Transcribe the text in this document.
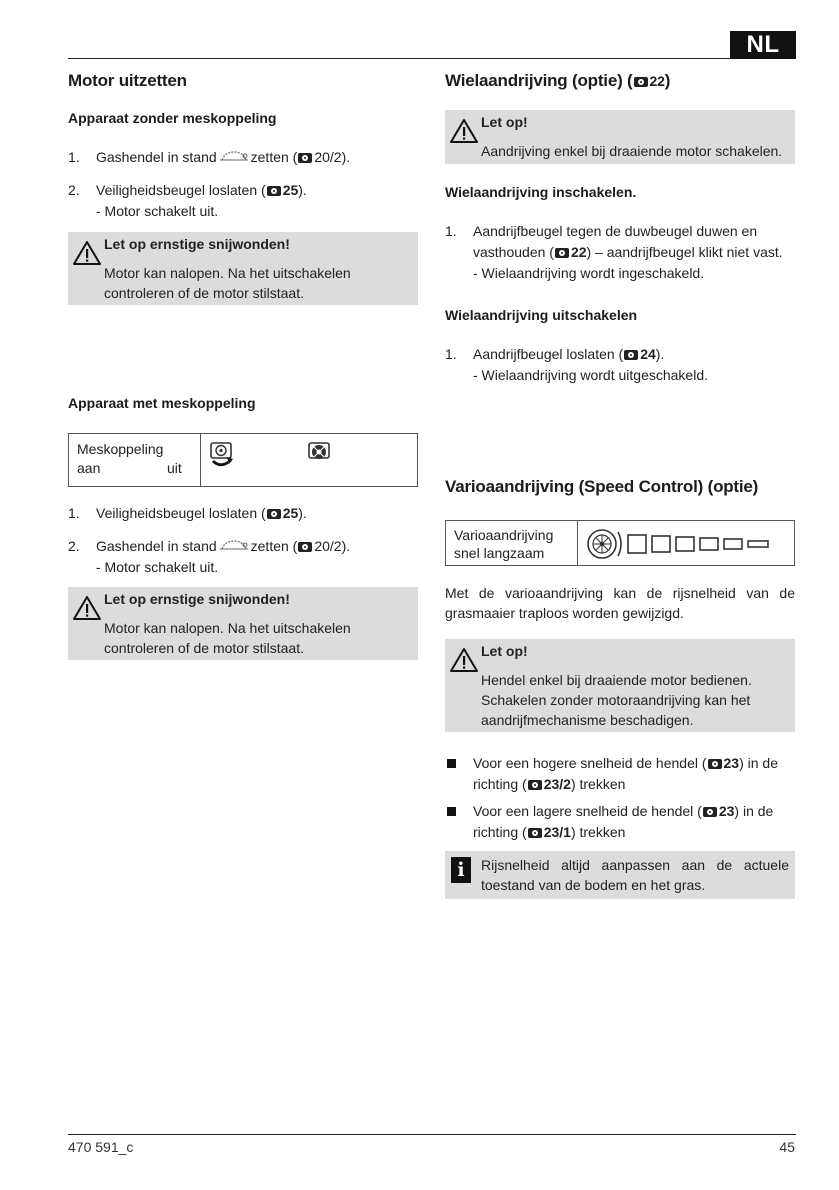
NL
Motor uitzetten
Apparaat zonder meskoppeling
1. Gashendel in stand zetten ( 20/2).
2. Veiligheidsbeugel loslaten ( 25).
- Motor schakelt uit.
Let op ernstige snijwonden!
Motor kan nalopen. Na het uitschakelen
controleren of de motor stilstaat.
Apparaat met meskoppeling
Meskoppeling
aan	uit
1. Veiligheidsbeugel loslaten ( 25).
2. Gashendel in stand zetten ( 20/2).
- Motor schakelt uit.
Let op ernstige snijwonden!
Motor kan nalopen. Na het uitschakelen
controleren of de motor stilstaat.
Wielaandrijving (optie) ( 22)
Let op!
Aandrijving enkel bij draaiende motor schakelen.
Wielaandrijving inschakelen.
1. Aandrijfbeugel tegen de duwbeugel duwen en
vasthouden ( 22) – aandrijfbeugel klikt niet vast.
- Wielaandrijving wordt ingeschakeld.
Wielaandrijving uitschakelen
1. Aandrijfbeugel loslaten ( 24).
- Wielaandrijving wordt uitgeschakeld.
Varioaandrijving (Speed Control) (optie)
Varioaandrijving
snel langzaam
Met de varioaandrijving kan de rijsnelheid van de
grasmaaier traploos worden gewijzigd.
Let op!
Hendel enkel bij draaiende motor bedienen.
Schakelen zonder motoraandrijving kan het
aandrijfmechanisme beschadigen.
Voor een hogere snelheid de hendel ( 23) in de
richting ( 23/2) trekken
Voor een lagere snelheid de hendel ( 23) in de
richting ( 23/1) trekken
i	Rijsnelheid altijd aanpassen aan de actuele
toestand van de bodem en het gras.
470 591_c	45
